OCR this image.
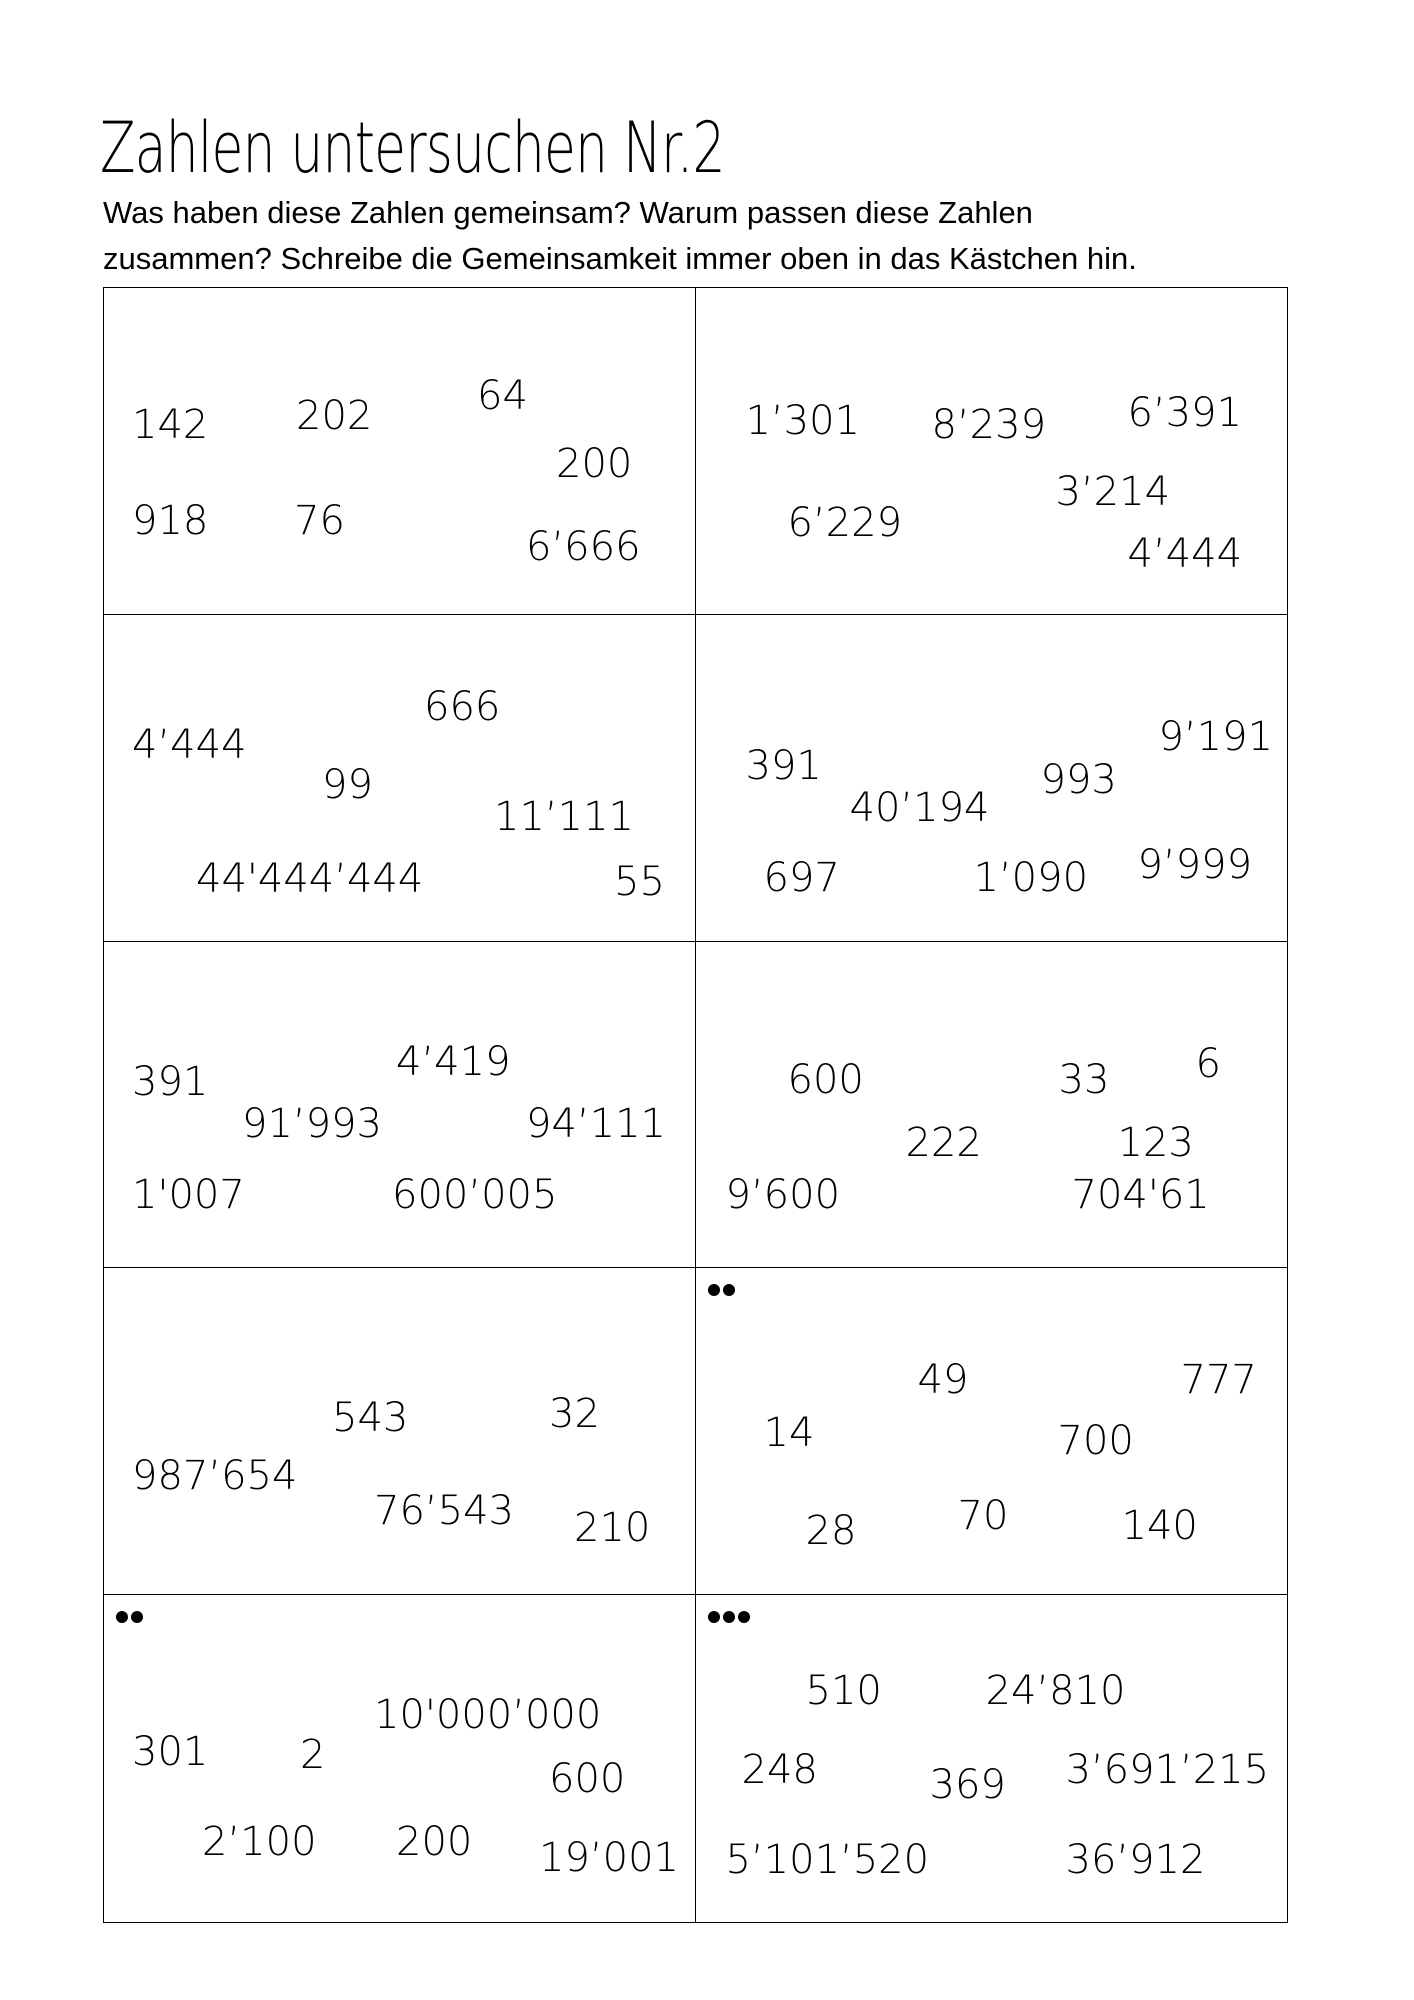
Zahlen untersuchen Nr.2
Was haben diese Zahlen gemeinsam? Warum passen diese Zahlen
zusammen? Schreibe die Gemeinsamkeit immer oben in das Kästchen hin.
142 202	64
200
918 76
6’666
1’301 8’239 6’391
3’214
6’229
4’444
4’444
666
99
11’111
44'444’444	55
391
9’191
993
40’194
697	1’090 9’999
391	4’419
91’993	94’111
1'007	600’005
600	33 6
222	123
9’600	704'61
543	32
987’654
76’543 210
49	777
14	700
28	70	140
10'000’000
301 2
600
2’100 200 19’001
510	24’810
248	369 3’691’215
5’101’520	36’912
